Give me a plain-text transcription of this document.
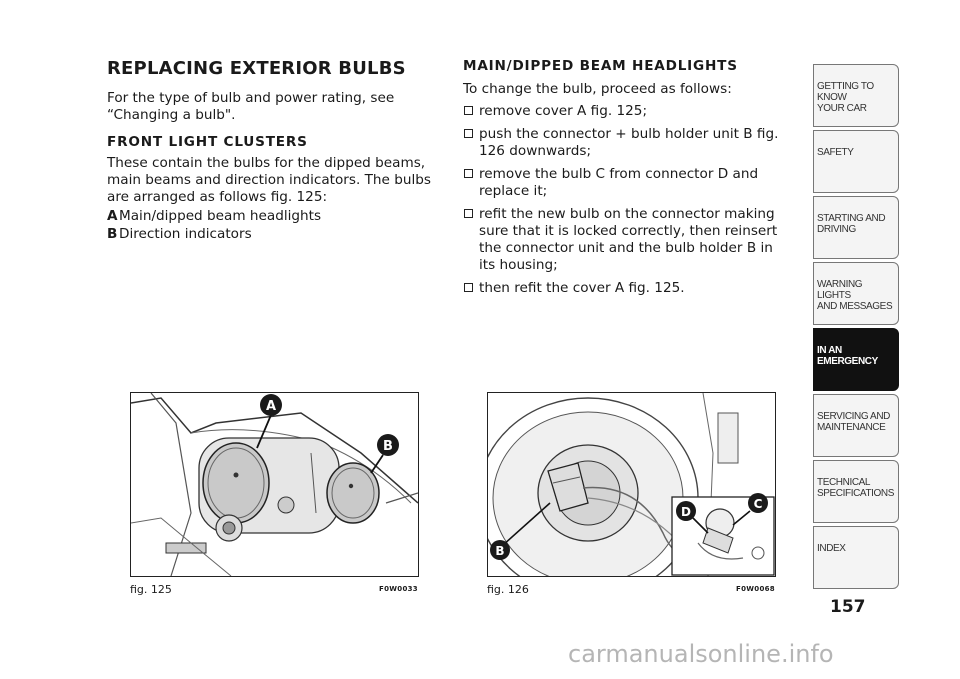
REPLACING EXTERIOR BULBS

For the type of bulb and power rating, see “Changing a bulb".

FRONT LIGHT CLUSTERS

These contain the bulbs for the dipped beams, main beams and direction indicators. The bulbs are arranged as follows fig. 125:

A Main/dipped beam headlights
B Direction indicators
MAIN/DIPPED BEAM HEADLIGHTS

To change the bulb, proceed as follows:

remove cover A fig. 125;
push the connector + bulb holder unit B fig. 126 downwards;
remove the bulb C from connector D and replace it;
refit the new bulb on the connector making sure that it is locked correctly, then reinsert the connector unit and the bulb holder B in its housing;
then refit the cover A fig. 125.
A
B
fig. 125	F0W0033
B
D
C
fig. 126	F0W0068
GETTING TO KNOW
YOUR CAR
SAFETY
STARTING AND
DRIVING
WARNING LIGHTS
AND MESSAGES
IN AN
EMERGENCY
SERVICING AND
MAINTENANCE
TECHNICAL
SPECIFICATIONS
INDEX
157
carmanualsonline.info
